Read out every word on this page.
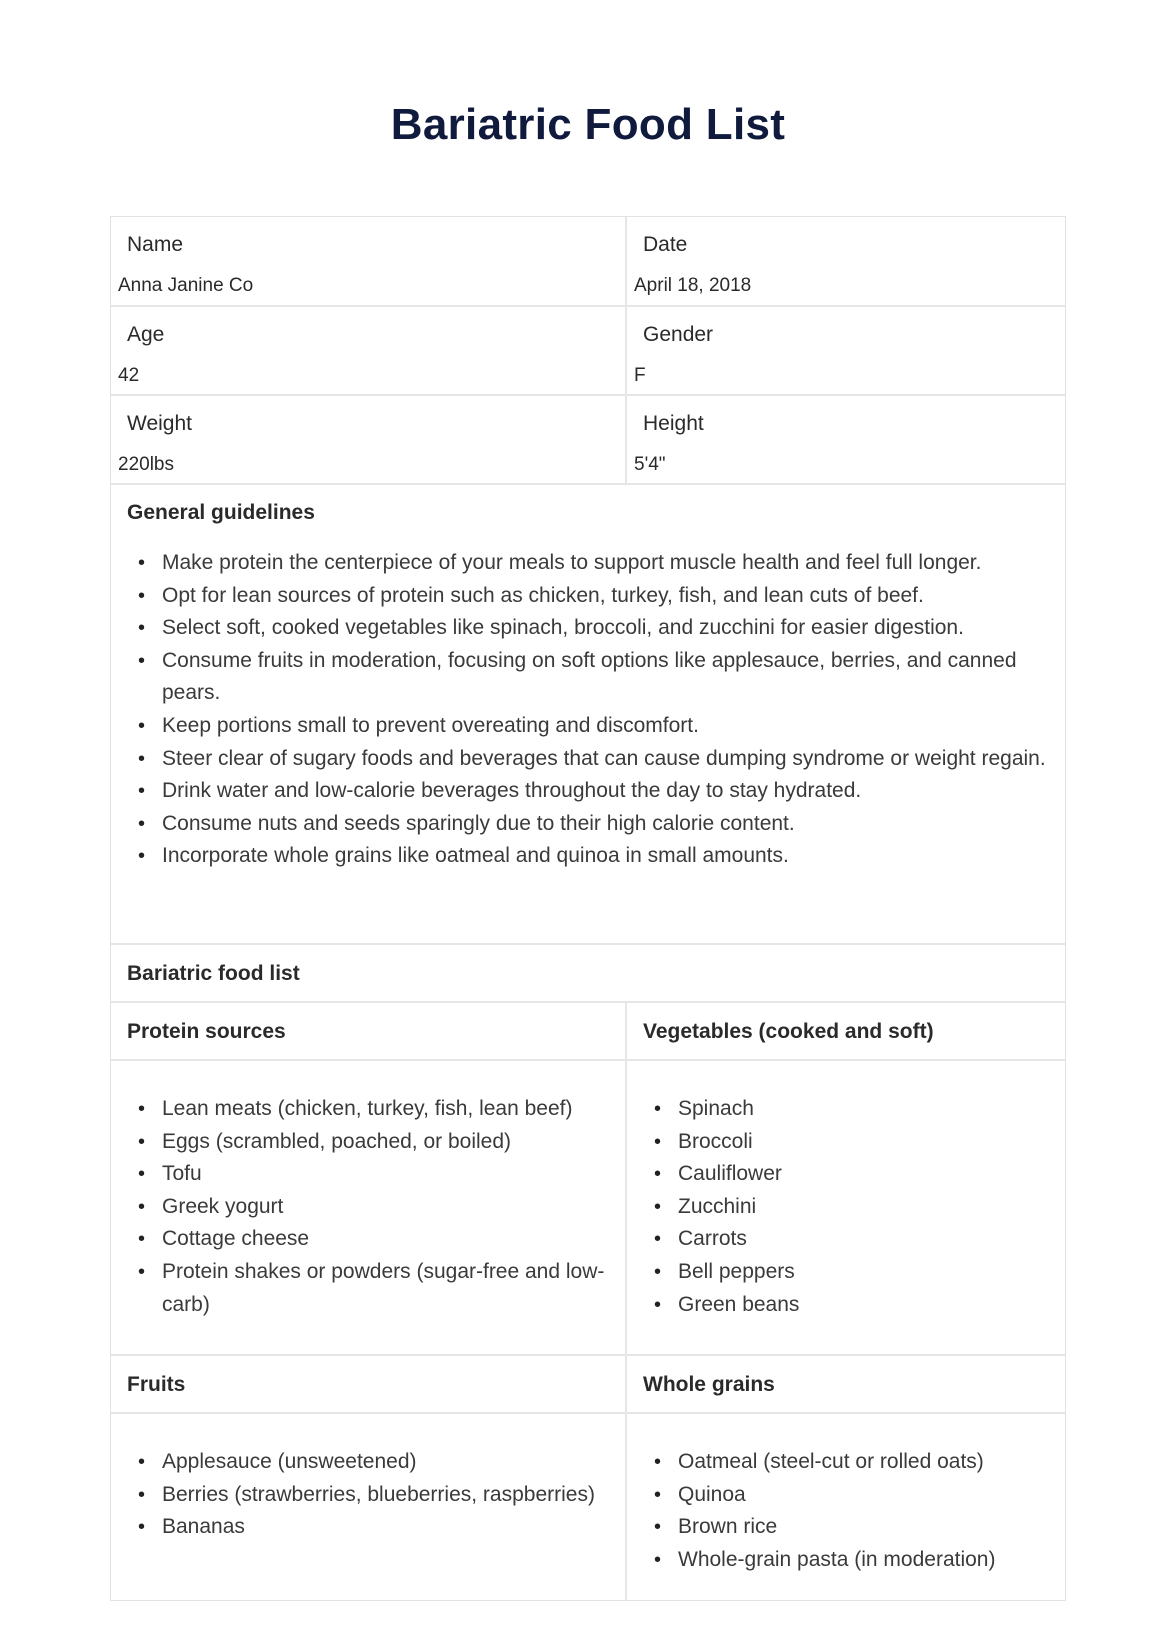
Bariatric Food List
Name
Anna Janine Co
Date
April 18, 2018
Age
42
Gender
F
Weight
220lbs
Height
5'4"
General guidelines
• Make protein the centerpiece of your meals to support muscle health and feel full longer.
• Opt for lean sources of protein such as chicken, turkey, fish, and lean cuts of beef.
• Select soft, cooked vegetables like spinach, broccoli, and zucchini for easier digestion.
• Consume fruits in moderation, focusing on soft options like applesauce, berries, and canned pears.
• Keep portions small to prevent overeating and discomfort.
• Steer clear of sugary foods and beverages that can cause dumping syndrome or weight regain.
• Drink water and low-calorie beverages throughout the day to stay hydrated.
• Consume nuts and seeds sparingly due to their high calorie content.
• Incorporate whole grains like oatmeal and quinoa in small amounts.
Bariatric food list
Protein sources	Vegetables (cooked and soft)
• Lean meats (chicken, turkey, fish, lean beef)
• Eggs (scrambled, poached, or boiled)
• Tofu
• Greek yogurt
• Cottage cheese
• Protein shakes or powders (sugar-free and low-carb)
• Spinach
• Broccoli
• Cauliflower
• Zucchini
• Carrots
• Bell peppers
• Green beans
Fruits	Whole grains
• Applesauce (unsweetened)
• Berries (strawberries, blueberries, raspberries)
• Bananas
• Oatmeal (steel-cut or rolled oats)
• Quinoa
• Brown rice
• Whole-grain pasta (in moderation)
